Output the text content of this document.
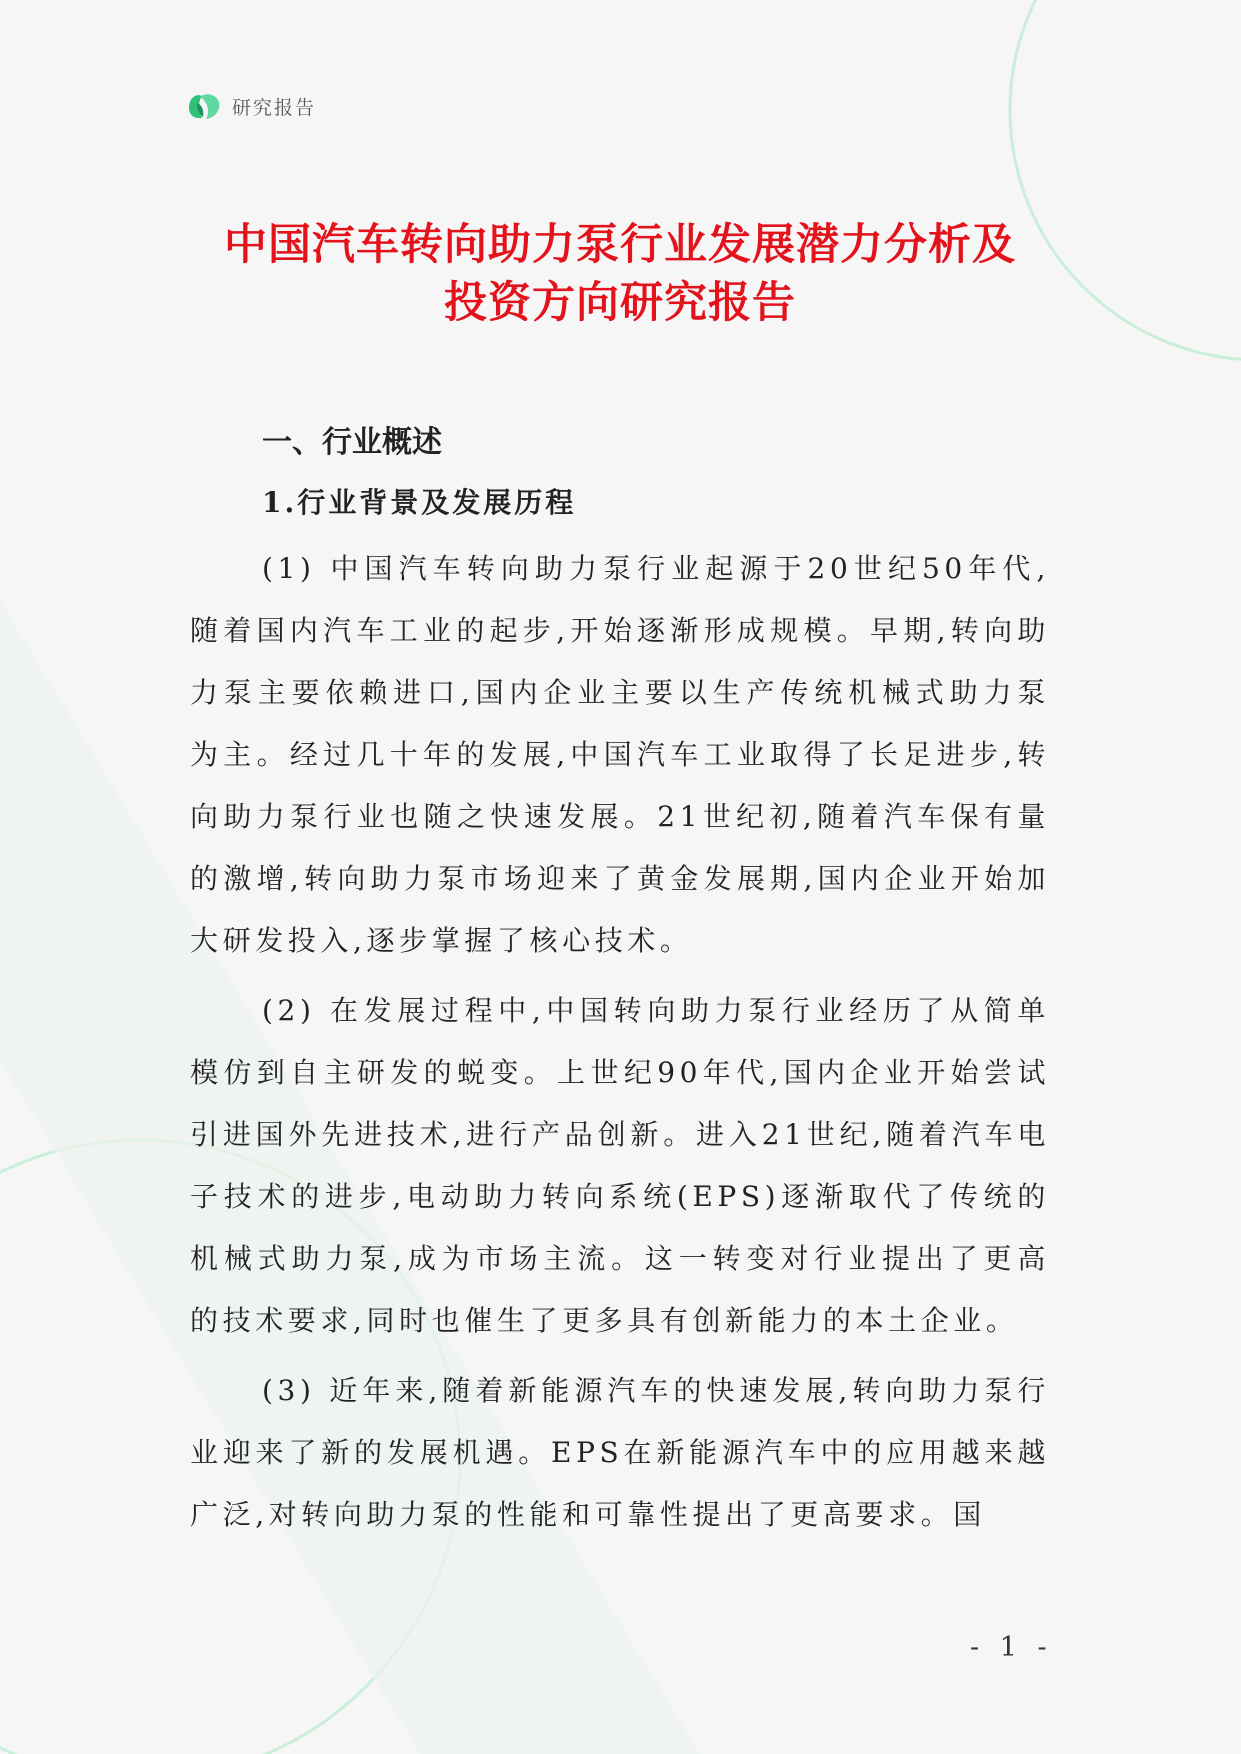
研究报告
中国汽车转向助力泵行业发展潜力分析及
投资方向研究报告
一、行业概述
1.行业背景及发展历程

(1) 中国汽车转向助力泵行业起源于20世纪50年代,随着国内汽车工业的起步,开始逐渐形成规模。早期,转向助力泵主要依赖进口,国内企业主要以生产传统机械式助力泵为主。经过几十年的发展,中国汽车工业取得了长足进步,转向助力泵行业也随之快速发展。21世纪初,随着汽车保有量的激增,转向助力泵市场迎来了黄金发展期,国内企业开始加大研发投入,逐步掌握了核心技术。

(2) 在发展过程中,中国转向助力泵行业经历了从简单模仿到自主研发的蜕变。上世纪90年代,国内企业开始尝试引进国外先进技术,进行产品创新。进入21世纪,随着汽车电子技术的进步,电动助力转向系统(EPS)逐渐取代了传统的机械式助力泵,成为市场主流。这一转变对行业提出了更高的技术要求,同时也催生了更多具有创新能力的本土企业。

(3) 近年来,随着新能源汽车的快速发展,转向助力泵行业迎来了新的发展机遇。EPS在新能源汽车中的应用越来越广泛,对转向助力泵的性能和可靠性提出了更高要求。国

- 1 -
